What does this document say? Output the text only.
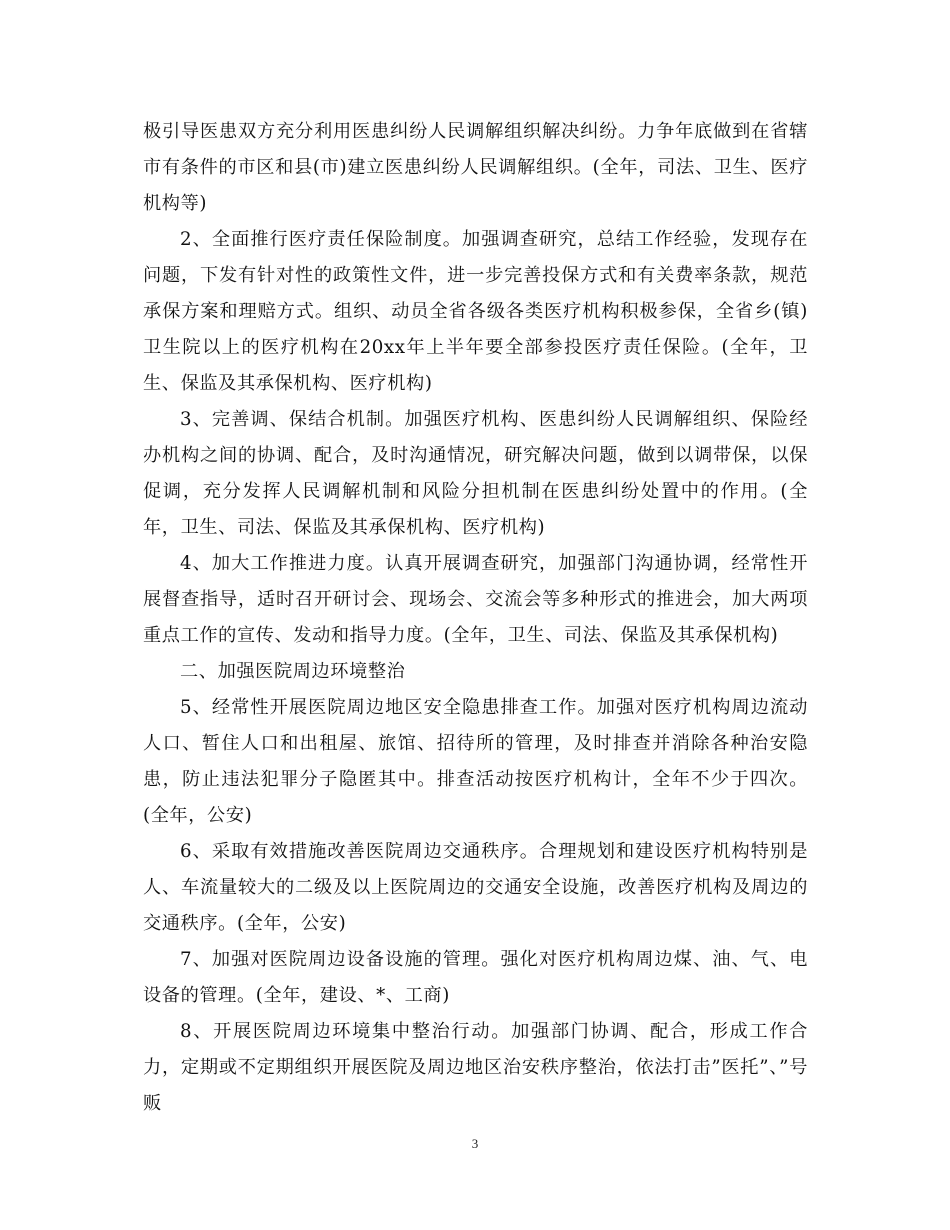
极引导医患双方充分利用医患纠纷人民调解组织解决纠纷。力争年底做到在省辖市有条件的市区和县(市)建立医患纠纷人民调解组织。(全年，司法、卫生、医疗机构等)

2、全面推行医疗责任保险制度。加强调查研究，总结工作经验，发现存在问题，下发有针对性的政策性文件，进一步完善投保方式和有关费率条款，规范承保方案和理赔方式。组织、动员全省各级各类医疗机构积极参保，全省乡(镇)卫生院以上的医疗机构在20xx年上半年要全部参投医疗责任保险。(全年，卫生、保监及其承保机构、医疗机构)

3、完善调、保结合机制。加强医疗机构、医患纠纷人民调解组织、保险经办机构之间的协调、配合，及时沟通情况，研究解决问题，做到以调带保，以保促调，充分发挥人民调解机制和风险分担机制在医患纠纷处置中的作用。(全年，卫生、司法、保监及其承保机构、医疗机构)

4、加大工作推进力度。认真开展调查研究，加强部门沟通协调，经常性开展督查指导，适时召开研讨会、现场会、交流会等多种形式的推进会，加大两项重点工作的宣传、发动和指导力度。(全年，卫生、司法、保监及其承保机构)

二、加强医院周边环境整治

5、经常性开展医院周边地区安全隐患排查工作。加强对医疗机构周边流动人口、暂住人口和出租屋、旅馆、招待所的管理，及时排查并消除各种治安隐患，防止违法犯罪分子隐匿其中。排查活动按医疗机构计，全年不少于四次。(全年，公安)

6、采取有效措施改善医院周边交通秩序。合理规划和建设医疗机构特别是人、车流量较大的二级及以上医院周边的交通安全设施，改善医疗机构及周边的交通秩序。(全年，公安)

7、加强对医院周边设备设施的管理。强化对医疗机构周边煤、油、气、电设备的管理。(全年，建设、*、工商)

8、开展医院周边环境集中整治行动。加强部门协调、配合，形成工作合力，定期或不定期组织开展医院及周边地区治安秩序整治，依法打击”医托”、”号贩

3
